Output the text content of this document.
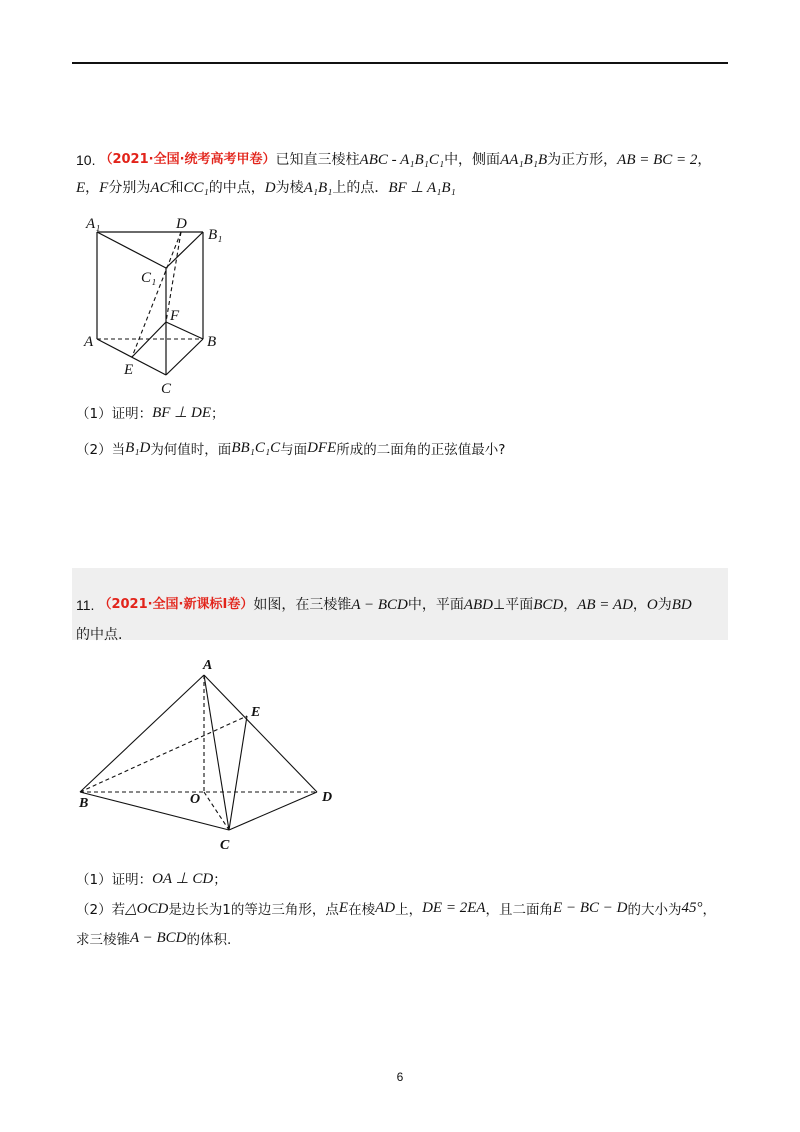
10. （2021·全国·统考高考甲卷） 已知直三棱柱 ABC - A₁B₁C₁ 中，侧面 AA₁B₁B 为正方形， AB = BC = 2 ，
E ， F 分别为 AC 和 CC₁ 的中点， D 为棱 A₁B₁ 上的点． BF ⊥ A₁B₁
A₁	D
B₁
C₁
F
A	B
E
C
（1）证明： BF ⊥ DE ；
（2）当 B₁D 为何值时，面 BB₁C₁C 与面 DFE 所成的二面角的正弦值最小?
11. （2021·全国·新课标Ⅰ卷） 如图，在三棱锥 A − BCD 中，平面 ABD ⊥平面 BCD ， AB = AD ， O 为 BD
的中点.
A
E
B	O	D
C
（1）证明： OA ⊥ CD ；
（2）若 △OCD 是边长为1的等边三角形，点 E 在棱 AD 上， DE = 2EA ，且二面角 E − BC − D 的大小为 45° ，
求三棱锥 A − BCD 的体积.
6
